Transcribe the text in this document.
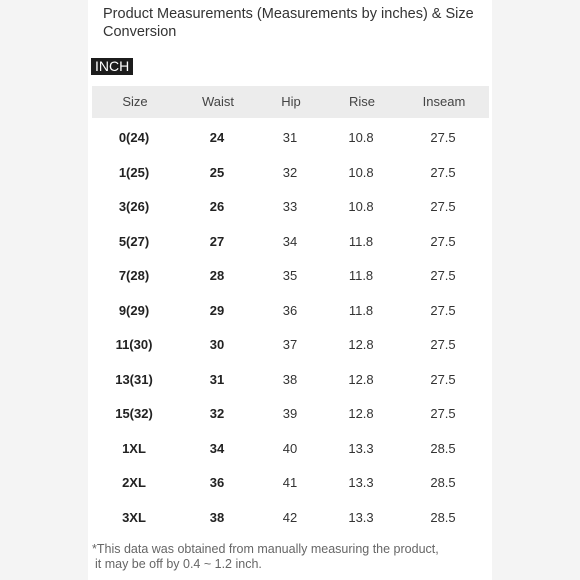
Product Measurements (Measurements by inches) & Size Conversion
INCH
Size	Waist	Hip	Rise	Inseam
0(24)	24	31	10.8	27.5
1(25)	25	32	10.8	27.5
3(26)	26	33	10.8	27.5
5(27)	27	34	11.8	27.5
7(28)	28	35	11.8	27.5
9(29)	29	36	11.8	27.5
11(30)	30	37	12.8	27.5
13(31)	31	38	12.8	27.5
15(32)	32	39	12.8	27.5
1XL	34	40	13.3	28.5
2XL	36	41	13.3	28.5
3XL	38	42	13.3	28.5
*This data was obtained from manually measuring the product,
it may be off by 0.4 ~ 1.2 inch.
